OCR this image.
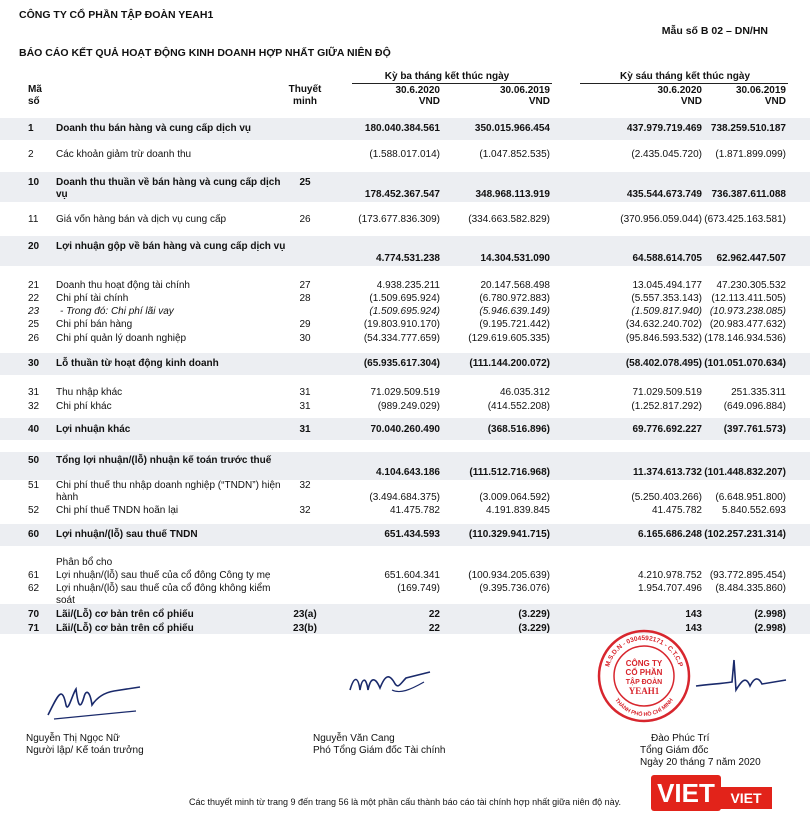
CÔNG TY CỔ PHẦN TẬP ĐOÀN YEAH1
Mẫu số B 02 – DN/HN
BÁO CÁO KẾT QUẢ HOẠT ĐỘNG KINH DOANH HỢP NHẤT GIỮA NIÊN ĐỘ
Mã
số
Thuyết
minh
Kỳ ba tháng kết thúc ngày	Kỳ sáu tháng kết thúc ngày
30.6.2020	30.06.2019	30.6.2020	30.06.2019
VND	VND	VND	VND
1 Doanh thu bán hàng và cung cấp dịch vụ	180.040.384.561	350.015.966.454	437.979.719.469 738.259.510.187
2 Các khoản giảm trừ doanh thu	(1.588.017.014)	(1.047.852.535)	(2.435.045.720)	(1.871.899.099)
10 Doanh thu thuần về bán hàng và cung cấp dịch vụ
25
178.452.367.547	348.968.113.919	435.544.673.749 736.387.611.088
11 Giá vốn hàng bán và dịch vụ cung cấp	26	(173.677.836.309)	(334.663.582.829)	(370.956.059.044) (673.425.163.581)
20 Lợi nhuận gộp về bán hàng và cung cấp dịch vụ
4.774.531.238	14.304.531.090	64.588.614.705	62.962.447.507
21 Doanh thu hoạt động tài chính	27	4.938.235.211	20.147.568.498	13.045.494.177	47.230.305.532
22 Chi phí tài chính	28	(1.509.695.924)	(6.780.972.883)	(5.557.353.143) (12.113.411.505)
23 - Trong đó: Chi phí lãi vay	(1.509.695.924)	(5.946.639.149)	(1.509.817.940) (10.973.238.085)
25 Chi phí bán hàng	29	(19.803.910.170)	(9.195.721.442)	(34.632.240.702) (20.983.477.632)
26 Chi phí quản lý doanh nghiệp	30	(54.334.777.659)	(129.619.605.335)	(95.846.593.532) (178.146.934.536)
30 Lỗ thuần từ hoạt động kinh doanh	(65.935.617.304)	(111.144.200.072)	(58.402.078.495) (101.051.070.634)
31 Thu nhập khác	31	71.029.509.519	46.035.312	71.029.509.519	251.335.311
32 Chi phí khác	31	(989.249.029)	(414.552.208)	(1.252.817.292)	(649.096.884)
40 Lợi nhuận khác	31	70.040.260.490	(368.516.896)	69.776.692.227	(397.761.573)
50 Tổng lợi nhuận/(lỗ) nhuận kế toán trước thuế
4.104.643.186	(111.512.716.968)	11.374.613.732 (101.448.832.207)
51 Chi phí thuế thu nhập doanh nghiệp (“TNDN”) hiện hành
32
(3.494.684.375)	(3.009.064.592)	(5.250.403.266)	(6.648.951.800)
52 Chi phí thuế TNDN hoãn lại	32	41.475.782	4.191.839.845	41.475.782	5.840.552.693
60 Lợi nhuận/(lỗ) sau thuế TNDN	651.434.593	(110.329.941.715)	6.165.686.248 (102.257.231.314)
61 Lợi nhuận/(lỗ) sau thuế của cổ đông Công ty mẹ	651.604.341	(100.934.205.639)	4.210.978.752 (93.772.895.454)
62 Lợi nhuận/(lỗ) sau thuế của cổ đông không kiểm soát
(169.749)	(9.395.736.076)	1.954.707.496	(8.484.335.860)
70 Lãi/(Lỗ) cơ bản trên cổ phiếu	23(a)	22	(3.229)	143	(2.998)
71 Lãi/(Lỗ) cơ bản trên cổ phiếu	23(b)	22	(3.229)	143	(2.998)
Phân bổ cho
Nguyễn Thị Ngọc Nữ
Người lập/ Kế toán trưởng
Nguyễn Văn Cang
Phó Tổng Giám đốc Tài chính
Đào Phúc Trí
Tổng Giám đốc
Ngày 20 tháng 7 năm 2020
M.S.D.N - 0304592171 - C.T.C.P
THÀNH PHỐ HỒ CHÍ MINH
CÔNG TY
CỔ PHẦN
TẬP ĐOÀN
YEAH1
Các thuyết minh từ trang 9 đến trang 56 là một phần cấu thành báo cáo tài chính hợp nhất giữa niên độ này.	VIET	VIET
